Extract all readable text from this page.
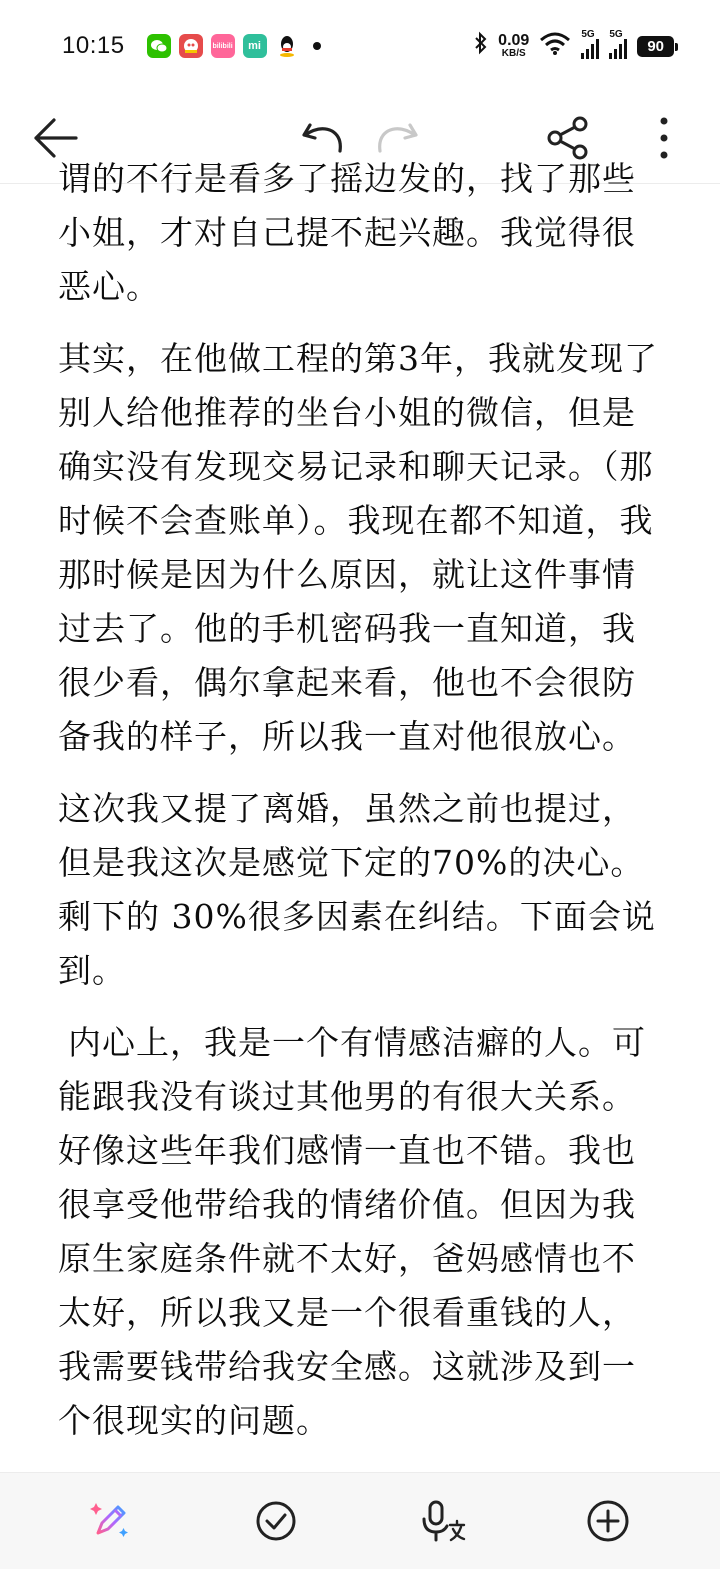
10:15	bilibili	mi	0.09
KB/S
5G 5G
90

谓的不行是看多了摇边发的，找了那些小姐，才对自己提不起兴趣。我觉得很恶心。

其实，在他做工程的第3年，我就发现了别人给他推荐的坐台小姐的微信，但是确实没有发现交易记录和聊天记录。（那时候不会查账单）。我现在都不知道，我那时候是因为什么原因，就让这件事情过去了。他的手机密码我一直知道，我很少看，偶尔拿起来看，他也不会很防备我的样子，所以我一直对他很放心。

这次我又提了离婚，虽然之前也提过，但是我这次是感觉下定的70%的决心。剩下的 30%很多因素在纠结。下面会说到。

内心上，我是一个有情感洁癖的人。可能跟我没有谈过其他男的有很大关系。好像这些年我们感情一直也不错。我也很享受他带给我的情绪价值。但因为我原生家庭条件就不太好，爸妈感情也不太好，所以我又是一个很看重钱的人，我需要钱带给我安全感。这就涉及到一个很现实的问题。
